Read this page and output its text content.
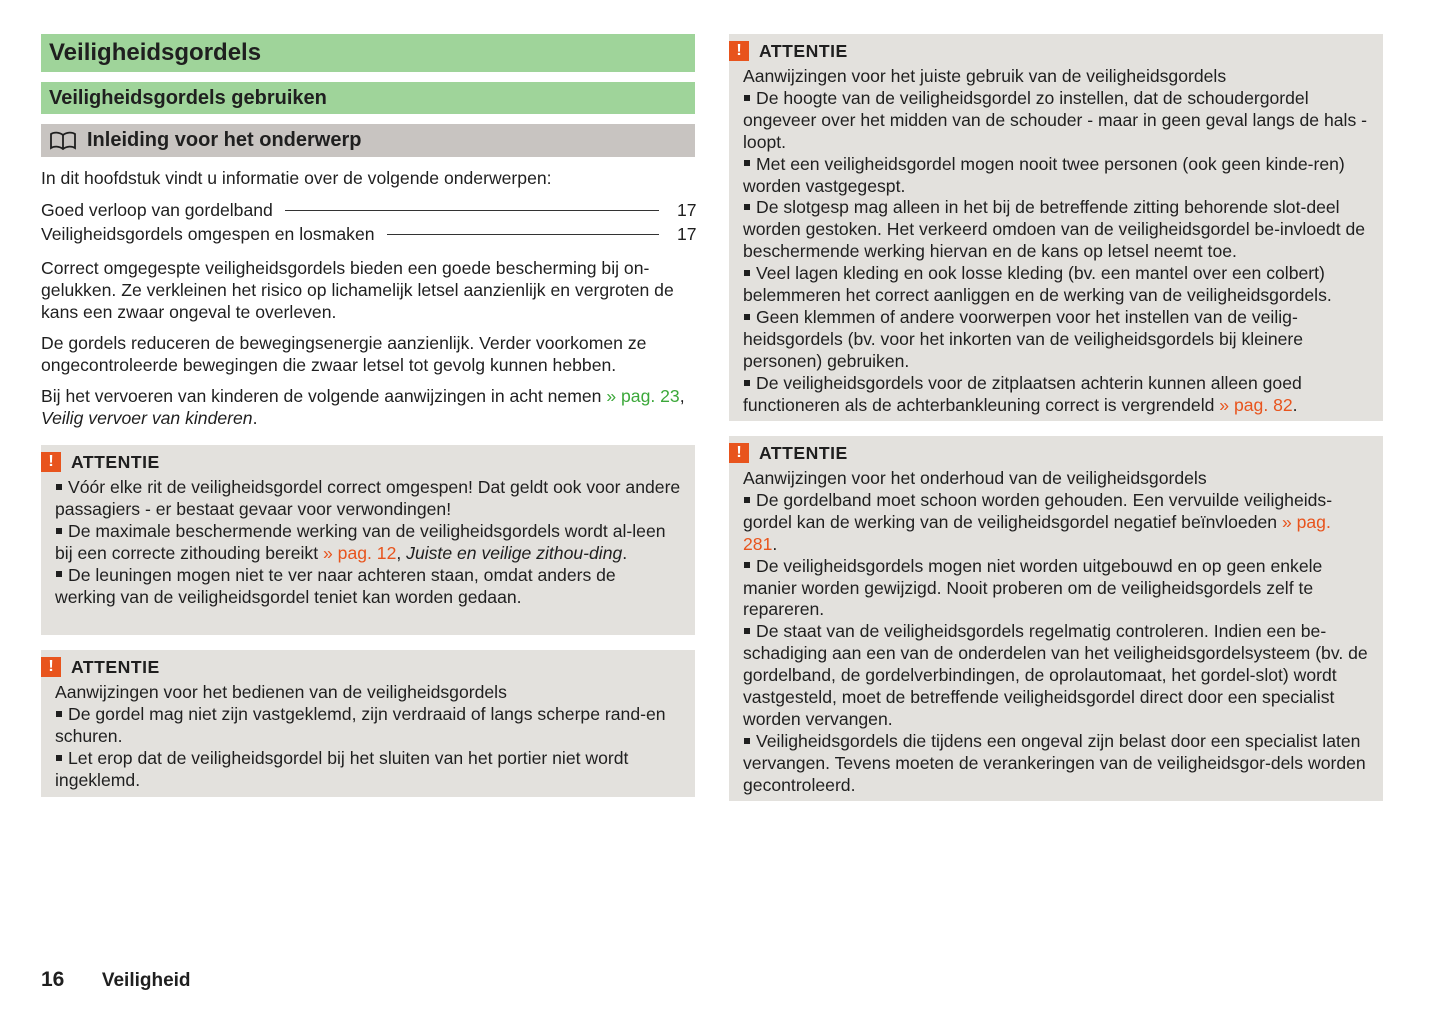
Veiligheidsgordels
Veiligheidsgordels gebruiken
Inleiding voor het onderwerp

In dit hoofdstuk vindt u informatie over de volgende onderwerpen:

Goed verloop van gordelband	17
Veiligheidsgordels omgespen en losmaken	17

Correct omgegespte veiligheidsgordels bieden een goede bescherming bij on-gelukken. Ze verkleinen het risico op lichamelijk letsel aanzienlijk en vergroten de kans een zwaar ongeval te overleven.

De gordels reduceren de bewegingsenergie aanzienlijk. Verder voorkomen ze ongecontroleerde bewegingen die zwaar letsel tot gevolg kunnen hebben.

Bij het vervoeren van kinderen de volgende aanwijzingen in acht nemen » pag. 23, Veilig vervoer van kinderen.

! ATTENTIE

Vóór elke rit de veiligheidsgordel correct omgespen! Dat geldt ook voor andere passagiers - er bestaat gevaar voor verwondingen!

De maximale beschermende werking van de veiligheidsgordels wordt al-leen bij een correcte zithouding bereikt » pag. 12, Juiste en veilige zithou-ding.

De leuningen mogen niet te ver naar achteren staan, omdat anders de werking van de veiligheidsgordel teniet kan worden gedaan.

! ATTENTIE

Aanwijzingen voor het bedienen van de veiligheidsgordels

De gordel mag niet zijn vastgeklemd, zijn verdraaid of langs scherpe rand-en schuren.

Let erop dat de veiligheidsgordel bij het sluiten van het portier niet wordt ingeklemd.

! ATTENTIE

Aanwijzingen voor het juiste gebruik van de veiligheidsgordels

De hoogte van de veiligheidsgordel zo instellen, dat de schoudergordel ongeveer over het midden van de schouder - maar in geen geval langs de hals - loopt.

Met een veiligheidsgordel mogen nooit twee personen (ook geen kinde-ren) worden vastgegespt.

De slotgesp mag alleen in het bij de betreffende zitting behorende slot-deel worden gestoken. Het verkeerd omdoen van de veiligheidsgordel be-invloedt de beschermende werking hiervan en de kans op letsel neemt toe.

Veel lagen kleding en ook losse kleding (bv. een mantel over een colbert) belemmeren het correct aanliggen en de werking van de veiligheidsgordels.

Geen klemmen of andere voorwerpen voor het instellen van de veilig-heidsgordels (bv. voor het inkorten van de veiligheidsgordels bij kleinere personen) gebruiken.

De veiligheidsgordels voor de zitplaatsen achterin kunnen alleen goed functioneren als de achterbankleuning correct is vergrendeld » pag. 82.

! ATTENTIE

Aanwijzingen voor het onderhoud van de veiligheidsgordels

De gordelband moet schoon worden gehouden. Een vervuilde veiligheids-gordel kan de werking van de veiligheidsgordel negatief beïnvloeden » pag. 281.

De veiligheidsgordels mogen niet worden uitgebouwd en op geen enkele manier worden gewijzigd. Nooit proberen om de veiligheidsgordels zelf te repareren.

De staat van de veiligheidsgordels regelmatig controleren. Indien een be-schadiging aan een van de onderdelen van het veiligheidsgordelsysteem (bv. de gordelband, de gordelverbindingen, de oprolautomaat, het gordel-slot) wordt vastgesteld, moet de betreffende veiligheidsgordel direct door een specialist worden vervangen.

Veiligheidsgordels die tijdens een ongeval zijn belast door een specialist laten vervangen. Tevens moeten de verankeringen van de veiligheidsgor-dels worden gecontroleerd.

16 Veiligheid
